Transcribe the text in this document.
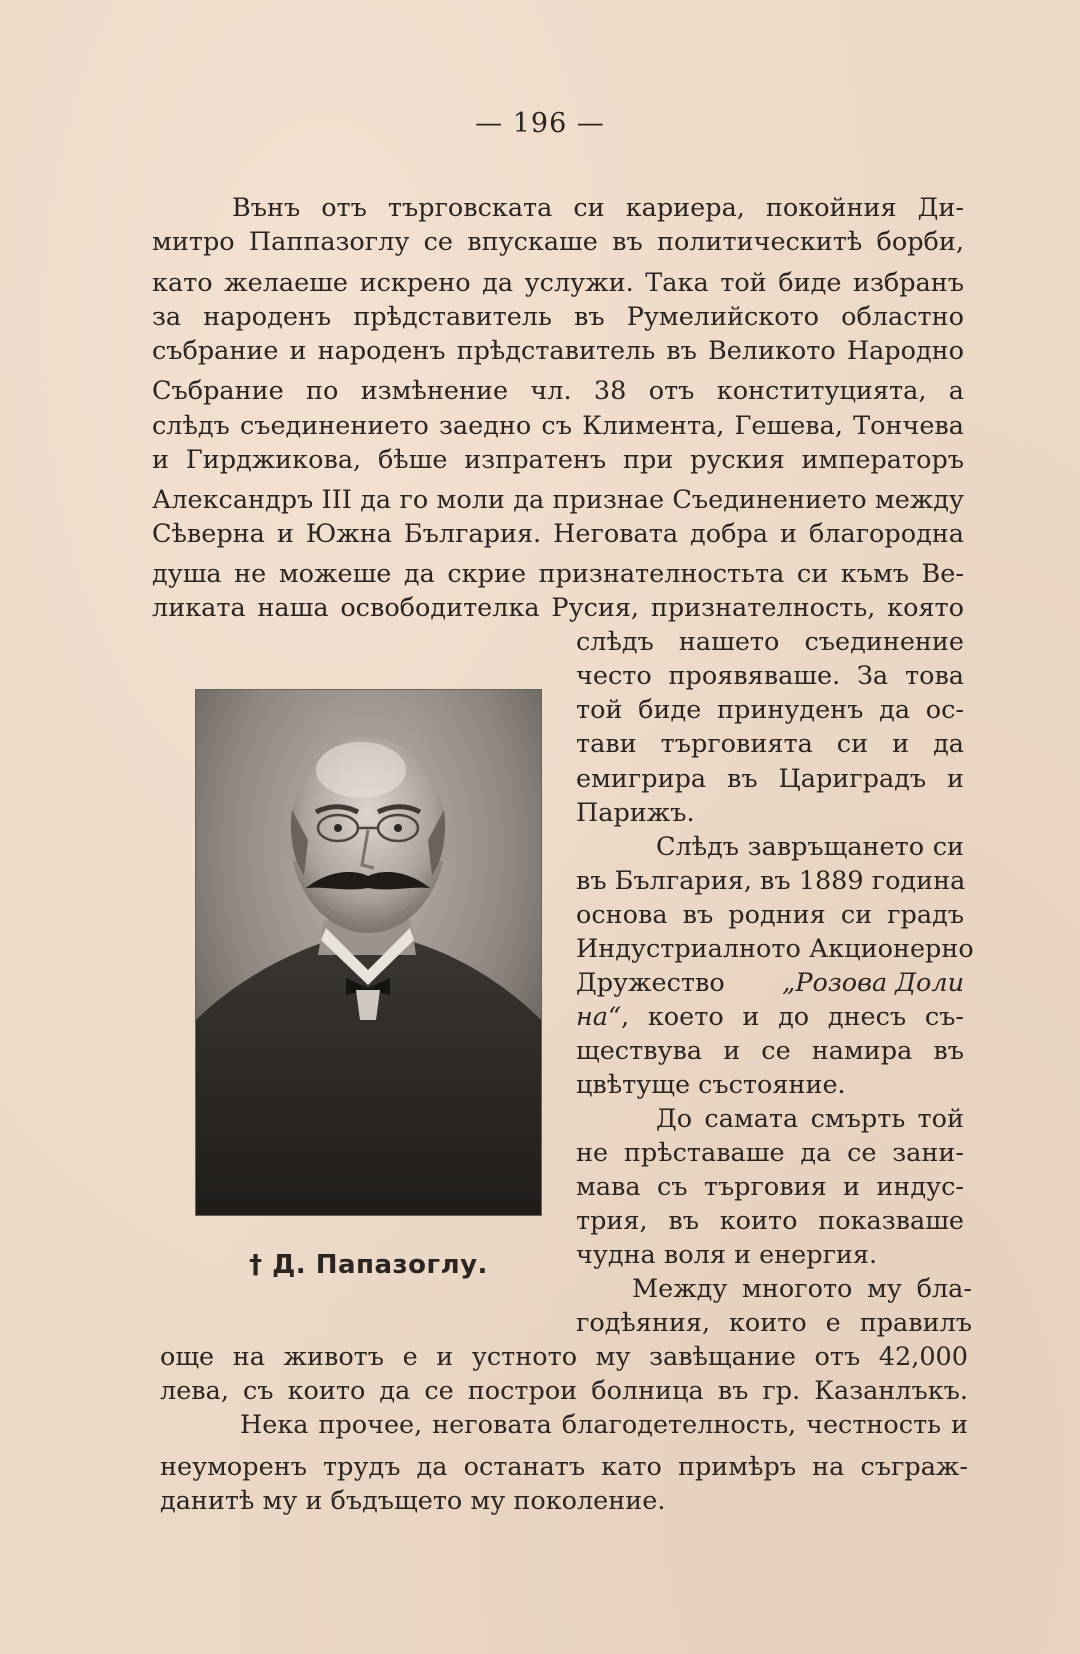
— 196 —
Вънъ отъ търговската си кариера, покойния Ди-
митро Паппазоглу се впускаше въ политическитѣ борби,
като желаеше искрено да услужи. Така той биде избранъ
за народенъ прѣдставитель въ Румелийското областно
събрание и народенъ прѣдставитель въ Великото Народно
Събрание по измѣнение чл. 38 отъ конституцията, а
слѣдъ съединението заедно съ Климента, Гешева, Тончева
и Гирджикова, бѣше изпратенъ при руския императоръ
Александръ III да го моли да признае Съединението между
Сѣверна и Южна България. Неговата добра и благородна
душа не можеше да скрие признателностьта си къмъ Ве-
ликата наша освободителка Русия, признателность, която
слѣдъ нашето съединение
често проявяваше. За това
той биде принуденъ да ос-
тави търговията си и да
емигрира въ Цариградъ и
Парижъ.
Слѣдъ завръщането си
въ България, въ 1889 година
основа въ родния си градъ
Индустриалното Акционерно
Дружество „Розова Доли
на“ , което и до днесъ съ-
ществува и се намира въ
цвѣтуще състояние.
До самата смърть той
не прѣставаше да се зани-
мава съ търговия и индус-
трия, въ които показваше
чудна воля и енергия.
Между многото му бла-
годѣяния, които е правилъ
още на животъ е и устното му завѣщание отъ 42,000
лева, съ които да се построи болница въ гр. Казанлъкъ.
Нека прочее, неговата благодетелность, честность и
неуморенъ трудъ да останатъ като примѣръ на съграж-
данитѣ му и бъдъщето му поколение.
† Д. Папазоглу.
